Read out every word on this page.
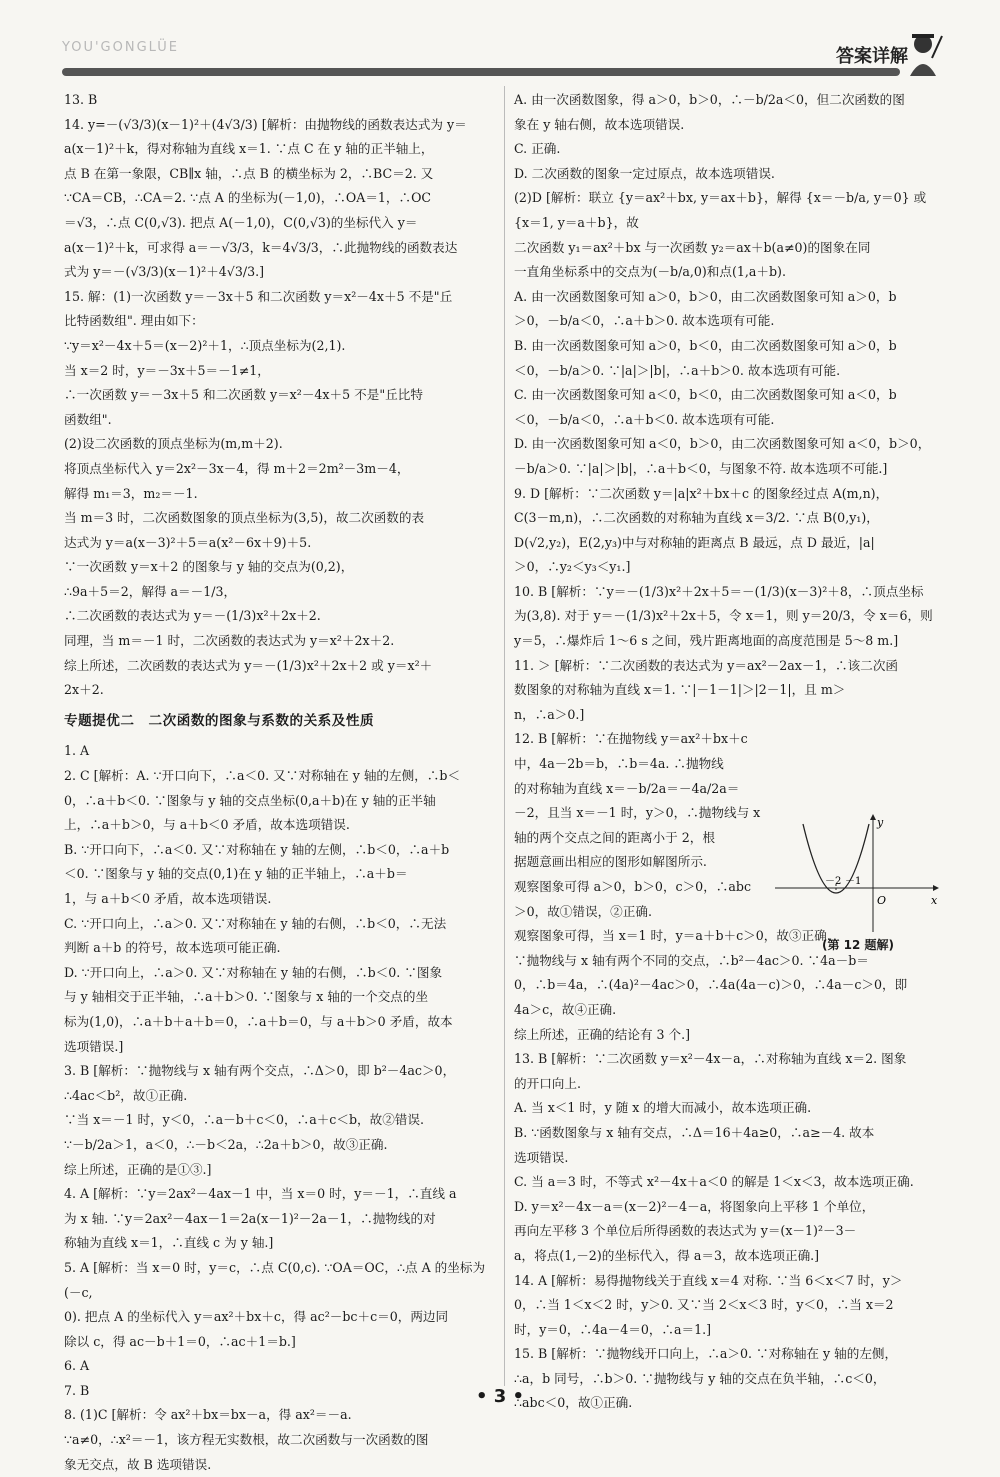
YOU'GONGLÜE	答案详解

13. B

14. y=－(√3/3)(x－1)²＋(4√3/3) [解析：由抛物线的函数表达式为 y＝

a(x－1)²＋k，得对称轴为直线 x＝1. ∵点 C 在 y 轴的正半轴上，

点 B 在第一象限，CB∥x 轴，∴点 B 的横坐标为 2，∴BC＝2. 又

∵CA＝CB，∴CA＝2. ∵点 A 的坐标为(－1,0)，∴OA＝1，∴OC

＝√3，∴点 C(0,√3). 把点 A(－1,0)，C(0,√3)的坐标代入 y＝

a(x－1)²＋k，可求得 a＝－√3/3，k＝4√3/3，∴此抛物线的函数表达

式为 y＝－(√3/3)(x－1)²＋4√3/3.]

15. 解：(1)一次函数 y＝－3x＋5 和二次函数 y＝x²－4x＋5 不是"丘

比特函数组". 理由如下：

∵y＝x²－4x＋5＝(x－2)²＋1，∴顶点坐标为(2,1).

当 x＝2 时，y＝－3x＋5＝－1≠1，

∴一次函数 y＝－3x＋5 和二次函数 y＝x²－4x＋5 不是"丘比特

函数组".

(2)设二次函数的顶点坐标为(m,m＋2).

将顶点坐标代入 y＝2x²－3x－4，得 m＋2＝2m²－3m－4，

解得 m₁＝3，m₂＝－1.

当 m＝3 时，二次函数图象的顶点坐标为(3,5)，故二次函数的表

达式为 y＝a(x－3)²＋5＝a(x²－6x＋9)＋5.

∵一次函数 y＝x＋2 的图象与 y 轴的交点为(0,2)，

∴9a＋5＝2，解得 a＝－1/3，

∴二次函数的表达式为 y＝－(1/3)x²＋2x＋2.

同理，当 m＝－1 时，二次函数的表达式为 y＝x²＋2x＋2.

综上所述，二次函数的表达式为 y＝－(1/3)x²＋2x＋2 或 y＝x²＋

2x＋2.

专题提优二　二次函数的图象与系数的关系及性质

1. A

2. C [解析：A. ∵开口向下，∴a＜0. 又∵对称轴在 y 轴的左侧，∴b＜

0，∴a＋b＜0. ∵图象与 y 轴的交点坐标(0,a＋b)在 y 轴的正半轴

上，∴a＋b＞0，与 a＋b＜0 矛盾，故本选项错误.

B. ∵开口向下，∴a＜0. 又∵对称轴在 y 轴的左侧，∴b＜0，∴a＋b

＜0. ∵图象与 y 轴的交点(0,1)在 y 轴的正半轴上，∴a＋b＝

1，与 a＋b＜0 矛盾，故本选项错误.

C. ∵开口向上，∴a＞0. 又∵对称轴在 y 轴的右侧，∴b＜0，∴无法

判断 a＋b 的符号，故本选项可能正确.

D. ∵开口向上，∴a＞0. 又∵对称轴在 y 轴的右侧，∴b＜0. ∵图象

与 y 轴相交于正半轴，∴a＋b＞0. ∵图象与 x 轴的一个交点的坐

标为(1,0)，∴a＋b＋a＋b＝0，∴a＋b＝0，与 a＋b＞0 矛盾，故本

选项错误.]

3. B [解析：∵抛物线与 x 轴有两个交点，∴Δ＞0，即 b²－4ac＞0，

∴4ac＜b²，故①正确.

∵当 x＝－1 时，y＜0，∴a－b＋c＜0，∴a＋c＜b，故②错误.

∵－b/2a＞1，a＜0，∴－b＜2a，∴2a＋b＞0，故③正确.

综上所述，正确的是①③.]

4. A [解析：∵y＝2ax²－4ax－1 中，当 x＝0 时，y＝－1，∴直线 a

为 x 轴. ∵y＝2ax²－4ax－1＝2a(x－1)²－2a－1，∴抛物线的对

称轴为直线 x＝1，∴直线 c 为 y 轴.]

5. A [解析：当 x＝0 时，y＝c，∴点 C(0,c). ∵OA＝OC，∴点 A 的坐标为(－c,

0). 把点 A 的坐标代入 y＝ax²＋bx＋c，得 ac²－bc＋c＝0，两边同

除以 c，得 ac－b＋1＝0，∴ac＋1＝b.]

6. A

7. B

8. (1)C [解析：令 ax²＋bx＝bx－a，得 ax²＝－a.

∵a≠0，∴x²＝－1，该方程无实数根，故二次函数与一次函数的图

象无交点，故 B 选项错误.

A. 由一次函数图象，得 a＞0，b＞0，∴－b/2a＜0，但二次函数的图

象在 y 轴右侧，故本选项错误.

C. 正确.

D. 二次函数的图象一定过原点，故本选项错误.

(2)D [解析：联立 {y＝ax²＋bx, y＝ax＋b}，解得 {x＝－b/a, y＝0} 或 {x＝1, y＝a＋b}，故

二次函数 y₁＝ax²＋bx 与一次函数 y₂＝ax＋b(a≠0)的图象在同

一直角坐标系中的交点为(－b/a,0)和点(1,a＋b).

A. 由一次函数图象可知 a＞0，b＞0，由二次函数图象可知 a＞0，b

＞0，－b/a＜0，∴a＋b＞0. 故本选项有可能.

B. 由一次函数图象可知 a＞0，b＜0，由二次函数图象可知 a＞0，b

＜0，－b/a＞0. ∵|a|＞|b|，∴a＋b＞0. 故本选项有可能.

C. 由一次函数图象可知 a＜0，b＜0，由二次函数图象可知 a＜0，b

＜0，－b/a＜0，∴a＋b＜0. 故本选项有可能.

D. 由一次函数图象可知 a＜0，b＞0，由二次函数图象可知 a＜0，b＞0，

－b/a＞0. ∵|a|＞|b|，∴a＋b＜0，与图象不符. 故本选项不可能.]

9. D [解析：∵二次函数 y＝|a|x²＋bx＋c 的图象经过点 A(m,n)，

C(3－m,n)，∴二次函数的对称轴为直线 x＝3/2. ∵点 B(0,y₁)，

D(√2,y₂)，E(2,y₃)中与对称轴的距离点 B 最远，点 D 最近，|a|

＞0，∴y₂＜y₃＜y₁.]

10. B [解析：∵y＝－(1/3)x²＋2x＋5＝－(1/3)(x－3)²＋8，∴顶点坐标

为(3,8). 对于 y＝－(1/3)x²＋2x＋5，令 x＝1，则 y＝20/3，令 x＝6，则

y＝5，∴爆炸后 1～6 s 之间，残片距离地面的高度范围是 5～8 m.]

11. ＞ [解析：∵二次函数的表达式为 y＝ax²－2ax－1，∴该二次函

数图象的对称轴为直线 x＝1. ∵|－1－1|＞|2－1|，且 m＞

n，∴a＞0.]

12. B [解析：∵在抛物线 y＝ax²＋bx＋c

中，4a－2b＝b，∴b＝4a. ∴抛物线

的对称轴为直线 x＝－b/2a＝－4a/2a＝

－2，且当 x＝－1 时，y＞0，∴抛物线与 x

轴的两个交点之间的距离小于 2，根

据题意画出相应的图形如解图所示.

观察图象可得 a＞0，b＞0，c＞0，∴abc

＞0，故①错误，②正确.

观察图象可得，当 x＝1 时，y＝a＋b＋c＞0，故③正确.

∵抛物线与 x 轴有两个不同的交点，∴b²－4ac＞0. ∵4a－b＝

0，∴b＝4a，∴(4a)²－4ac＞0，∴4a(4a－c)＞0，∴4a－c＞0，即

4a＞c，故④正确.

综上所述，正确的结论有 3 个.]

13. B [解析：∵二次函数 y＝x²－4x－a，∴对称轴为直线 x＝2. 图象

的开口向上.

A. 当 x＜1 时，y 随 x 的增大而减小，故本选项正确.

B. ∵函数图象与 x 轴有交点，∴Δ＝16＋4a≥0，∴a≥－4. 故本

选项错误.

C. 当 a＝3 时，不等式 x²－4x＋a＜0 的解是 1＜x＜3，故本选项正确.

D. y＝x²－4x－a＝(x－2)²－4－a，将图象向上平移 1 个单位，

再向左平移 3 个单位后所得函数的表达式为 y＝(x－1)²－3－

a，将点(1,－2)的坐标代入，得 a＝3，故本选项正确.]

14. A [解析：易得抛物线关于直线 x＝4 对称. ∵当 6＜x＜7 时，y＞

0，∴当 1＜x＜2 时，y＞0. 又∵当 2＜x＜3 时，y＜0，∴当 x＝2

时，y＝0，∴4a－4＝0，∴a＝1.]

15. B [解析：∵抛物线开口向上，∴a＞0. ∵对称轴在 y 轴的左侧，

∴a，b 同号，∴b＞0. ∵抛物线与 y 轴的交点在负半轴，∴c＜0，

∴abc＜0，故①正确.

y
x
O
－2 －1
(第 12 题解)
• 3 •
